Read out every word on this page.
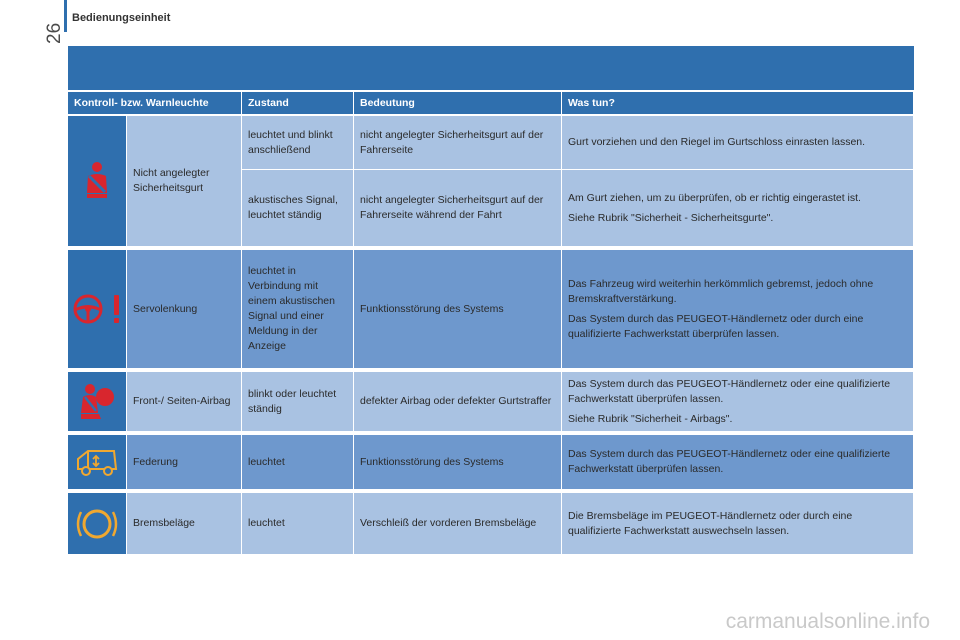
26
Bedienungseinheit
Kontroll- bzw. Warnleuchte		Zustand	Bedeutung	Was tun?

	Nicht angelegter Sicherheitsgurt	leuchtet und blinkt anschließend	nicht angelegter Sicherheitsgurt auf der Fahrerseite	Gurt vorziehen und den Riegel im Gurtschloss einrasten lassen.

		akustisches Signal, leuchtet ständig	nicht angelegter Sicherheitsgurt auf der Fahrerseite während der Fahrt	Am Gurt ziehen, um zu überprüfen, ob er richtig eingerastet ist.

Siehe Rubrik "Sicherheit - Sicherheitsgurte".

	Servolenkung	leuchtet in Verbindung mit einem akustischen Signal und einer Meldung in der Anzeige	Funktionsstörung des Systems	Das Fahrzeug wird weiterhin herkömmlich gebremst, jedoch ohne Bremskraftverstärkung.

Das System durch das PEUGEOT-Händlernetz oder durch eine qualifizierte Fachwerkstatt überprüfen lassen.

	Front-/ Seiten-Airbag	blinkt oder leuchtet ständig	defekter Airbag oder defekter Gurtstraffer	Das System durch das PEUGEOT-Händlernetz oder eine qualifizierte Fachwerkstatt überprüfen lassen.

Siehe Rubrik "Sicherheit - Airbags".

	Federung	leuchtet	Funktionsstörung des Systems	Das System durch das PEUGEOT-Händlernetz oder eine qualifizierte Fachwerkstatt überprüfen lassen.

	Bremsbeläge	leuchtet	Verschleiß der vorderen Bremsbeläge	Die Bremsbeläge im PEUGEOT-Händlernetz oder durch eine qualifizierte Fachwerkstatt auswechseln lassen.

carmanualsonline.info
